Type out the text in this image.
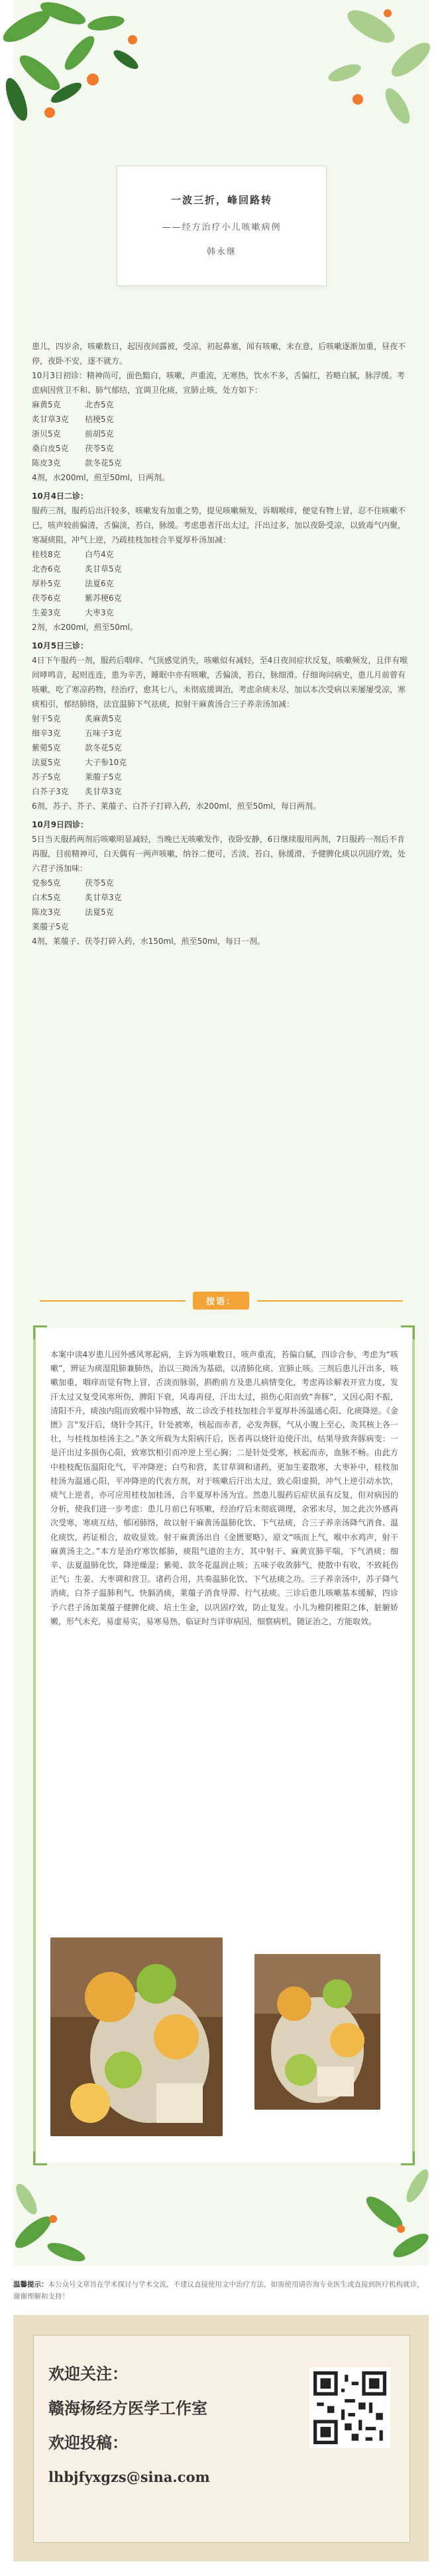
一波三折，峰回路转
——经方治疗小儿咳嗽病例
韩永继

患儿，四岁余，咳嗽数日，起因夜间露被，受凉，初起鼻塞，闻有咳嗽，末在意，后咳嗽逐渐加重，昼夜不停，夜卧不安，逐不就方。

10月3日初诊：精神尚可，面色黯白，咳嗽，声重流，无寒热，饮水不多，舌偏红，苔略白腻，脉浮缓。考虑病因营卫不和、肺气郁结，宜调卫化痰，宣肺止咳，处方如下：

麻黄5克	北杏5克
炙甘草3克	桔梗5克
浙贝5克	前胡5克
桑白皮5克	茯苓5克
陈皮3克	款冬花5克

4剂，水200ml，煎至50ml，日两剂。

10月4日二诊：

服药三剂，服药后出汗较多，咳嗽发有加重之势，提见咳嗽频发，诉咽喉痒，便觉有物上冒，忍不住咳嗽不已，咳声较前偏清，舌偏淡，苔白，脉缓。考虑患者汗出太过，汗出过多，加以夜卧受凉，以致毒气内聚，寒凝痰阻，冲气上逆，乃疏桂枝加桂合半夏厚朴汤加减：

桂枝8克	白芍4克
北杏6克	炙甘草5克
厚朴5克	法夏6克
茯苓6克	紫苏梗6克
生姜3克	大枣3克

2剂，水200ml，煎至50ml。

10月5日三诊：

4日下午服药一剂，服药后咽痒、气顶感觉消失，咳嗽似有减轻，至4日夜间症状反复，咳嗽频发，且伴有喉间哮鸣音，起则连连，患为辛苦，睡眠中亦有咳嗽，舌偏淡，苔白，脉细滑。仔细询问病史，患儿月前曾有咳嗽，吃了寒凉药物，经治疗，愈其七八，未彻底缓调治，考虑余痰未尽，加以本次受病以来屡屡受凉，寒痰相引，郁结肺络，法宜温肺下气祛痰，拟射干麻黄汤合三子养亲汤加减：

射干5克	炙麻黄5克
细辛3克	五味子3克
紫菀5克	款冬花5克
法夏5克	大子参10克
苏子5克	莱菔子5克
白芥子3克	炙甘草3克

6剂，苏子、芥子、莱菔子、白芥子打碎入药，水200ml，煎至50ml，每日两剂。

10月9日四诊：

5日当天服药两剂后咳嗽明显减轻，当晚已无咳嗽发作，夜卧安静，6日继续服用两剂，7日服药一剂后不肯再服，目前精神可，白天偶有一两声咳嗽，纳谷二便可，舌淡，苔白，脉缓滑，予健脾化痰以巩固疗效，处六君子汤加味：

党参5克	茯苓5克
白术5克	炙甘草3克
陈皮3克	法夏5克
莱菔子5克

4剂，莱菔子、茯苓打碎入药，水150ml，煎至50ml，每日一剂。

按语：
本案中读4岁患儿因外感风寒起病，主诉为咳嗽数日，咳声重流，苔偏白腻，四诊合参，考虑为“咳嗽”，辨证为痰湿阻肺兼肺热，治以三拗汤为基础，以清肺化痰、宣肺止咳。三剂后患儿汗出多，咳嗽加重，咽痒而觉有物上冒，舌淡而脉弱，斟酌前方及患儿病情变化，考虑再诊解表开宣力度，发汗太过又复受风寒所伤，脾阳下衰，风毒再侵，汗出太过，损伤心阳而致“奔豚”，又因心阳不振，清阳不升，痰浊内阻而致喉中异物感，故二诊改予桂枝加桂合半夏厚朴汤温通心阳、化痰降逆。《金匮》言“发汗后，烧针令其汗，针处被寒，核起而赤者，必发奔豚，气从小腹上至心，灸其核上各一壮，与桂枝加桂汤主之。”条文所载为太阳病汗后，医者再以烧针迫使汗出，结果导致奔豚病变：一是汗出过多损伤心阳，致寒饮相引而冲逆上至心胸；二是针处受寒，核起而赤，血脉不畅。由此方中桂枝配伍温阳化气，平冲降逆；白芍和营，炙甘草调和诸药，更加生姜散寒，大枣补中，桂枝加桂汤为温通心阳，平冲降逆的代表方剂，对于咳嗽后汗出太过，致心阳虚损，冲气上逆引动水饮，痰气上逆者，亦可应用桂枝加桂汤，合半夏厚朴汤为宜。然患儿服药后症状虽有反复，但对病因的分析，使我们进一步考虑：患儿月前已有咳嗽，经治疗后未彻底调理，余邪未尽，加之此次外感再次受寒，寒痰互结，郁闭肺络，故以射干麻黄汤温肺化饮、下气祛痰，合三子养亲汤降气消食、温化痰饮，药证相合，故收显效。射干麻黄汤出自《金匮要略》，原文“咳而上气，喉中水鸡声，射干麻黄汤主之。”本方是治疗寒饮郁肺，痰阻气道的主方，其中射干、麻黄宣肺平喘，下气消痰；细辛、法夏温肺化饮，降逆燥湿；紫菀、款冬花温润止咳；五味子收敛肺气，使散中有收，不致耗伤正气；生姜、大枣调和营卫。诸药合用，共奏温肺化饮、下气祛痰之功。三子养亲汤中，苏子降气消痰，白芥子温肺利气、快膈消痰，莱菔子消食导滞、行气祛痰。三诊后患儿咳嗽基本缓解，四诊予六君子汤加莱菔子健脾化痰、培土生金，以巩固疗效，防止复发。小儿为稚阴稚阳之体，脏腑娇嫩，形气未充，易虚易实，易寒易热，临证时当详审病因，细察病机，随证治之，方能取效。
温馨提示：本公众号文章旨在学术探讨与学术交流，不建议直接使用文中治疗方法，如需使用请咨询专业医生或直接到医疗机构就诊，谢谢理解和支持！
欢迎关注：
赣海杨经方医学工作室
欢迎投稿：
lhbjfyxgzs@sina.com
